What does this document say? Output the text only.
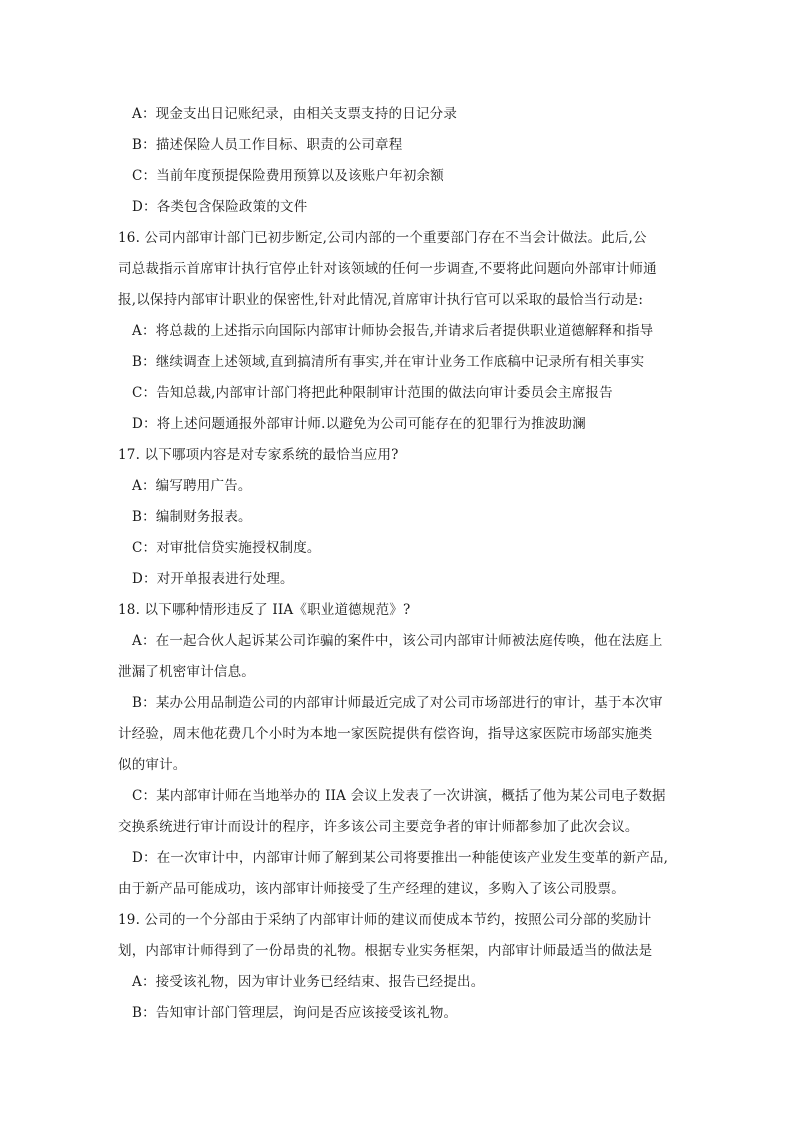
A：现金支出日记账纪录，由相关支票支持的日记分录
B：描述保险人员工作目标、职责的公司章程
C：当前年度预提保险费用预算以及该账户年初余额
D：各类包含保险政策的文件
16. 公司内部审计部门已初步断定,公司内部的一个重要部门存在不当会计做法。此后,公
司总裁指示首席审计执行官停止针对该领域的任何一步调查,不要将此问题向外部审计师通
报,以保持内部审计职业的保密性,针对此情况,首席审计执行官可以采取的最恰当行动是:
A：将总裁的上述指示向国际内部审计师协会报告,并请求后者提供职业道德解释和指导
B：继续调查上述领域,直到搞清所有事实,并在审计业务工作底稿中记录所有相关事实
C：告知总裁,内部审计部门将把此种限制审计范围的做法向审计委员会主席报告
D：将上述问题通报外部审计师.以避免为公司可能存在的犯罪行为推波助澜
17. 以下哪项内容是对专家系统的最恰当应用?
A：编写聘用广告。
B：编制财务报表。
C：对审批信贷实施授权制度。
D：对开单报表进行处理。
18. 以下哪种情形违反了 IIA《职业道德规范》?
A：在一起合伙人起诉某公司诈骗的案件中，该公司内部审计师被法庭传唤，他在法庭上
泄漏了机密审计信息。
B：某办公用品制造公司的内部审计师最近完成了对公司市场部进行的审计，基于本次审
计经验，周末他花费几个小时为本地一家医院提供有偿咨询，指导这家医院市场部实施类
似的审计。
C：某内部审计师在当地举办的 IIA 会议上发表了一次讲演，概括了他为某公司电子数据
交换系统进行审计而设计的程序，许多该公司主要竞争者的审计师都参加了此次会议。
D：在一次审计中，内部审计师了解到某公司将要推出一种能使该产业发生变革的新产品,
由于新产品可能成功，该内部审计师接受了生产经理的建议，多购入了该公司股票。
19. 公司的一个分部由于采纳了内部审计师的建议而使成本节约，按照公司分部的奖励计
划，内部审计师得到了一份昂贵的礼物。根据专业实务框架，内部审计师最适当的做法是
A：接受该礼物，因为审计业务已经结束、报告已经提出。
B：告知审计部门管理层，询问是否应该接受该礼物。
